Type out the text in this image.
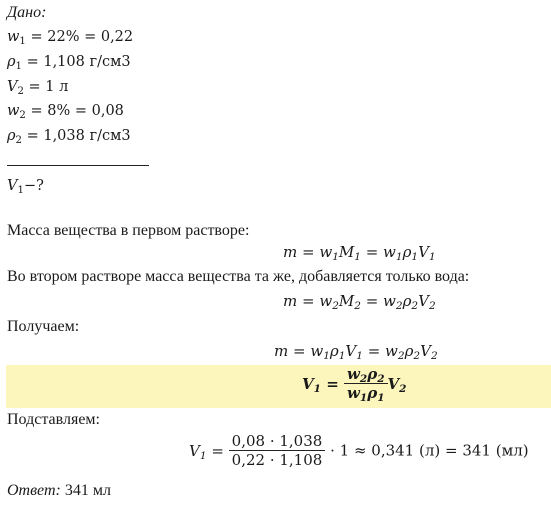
Дано:
$w_1 = 22\% = 0,22$
$\rho_1 = 1,108$ г/см3
$V_2 = 1$ л
$w_2 = 8\% = 0,08$
$\rho_2 = 1,038$ г/см3
$V_1-$?
Масса вещества в первом растворе:
$m = w_1M_1 = w_1\rho_1V_1$
Во втором растворе масса вещества та же, добавляется только вода:
$m = w_2M_2 = w_2\rho_2V_2$
Получаем:
$m = w_1\rho_1V_1 = w_2\rho_2V_2$
$V_1 = \frac{w_2\rho_2}{w_1\rho_1} V_2$
Подставляем:
$V_1 = \frac{0,08 \cdot 1,038}{0,22 \cdot 1,108} \cdot 1 \approx 0,341$ (л) = 341 (мл)
Ответ: 341 мл
